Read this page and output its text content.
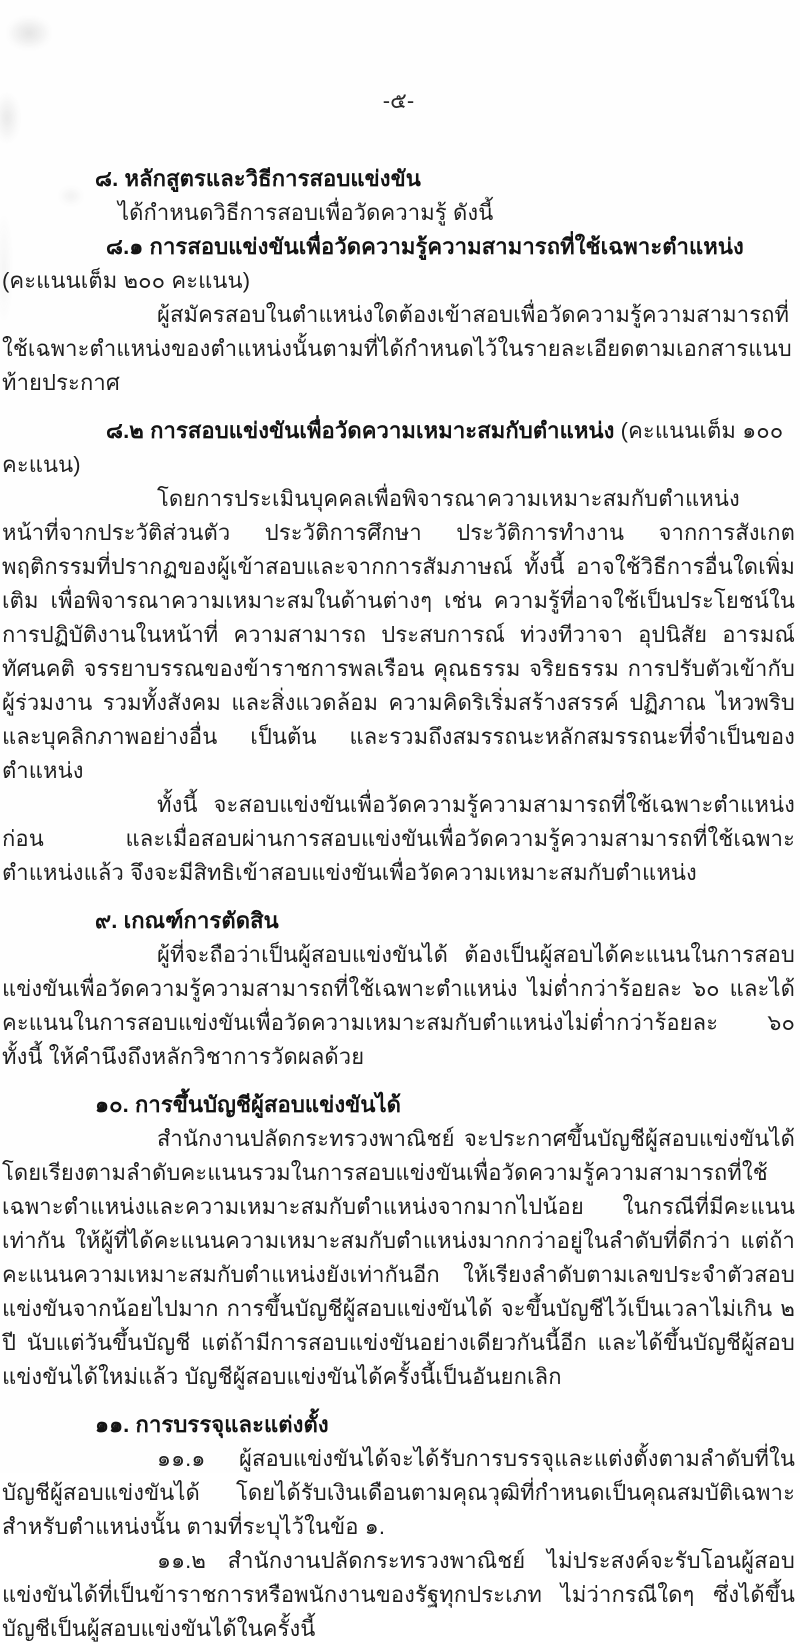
-๕-
๘. หลักสูตรและวิธีการสอบแข่งขัน
ได้กำหนดวิธีการสอบเพื่อวัดความรู้ ดังนี้

๘.๑ การสอบแข่งขันเพื่อวัดความรู้ความสามารถที่ใช้เฉพาะตำแหน่ง (คะแนนเต็ม ๒๐๐ คะแนน)

ผู้สมัครสอบในตำแหน่งใดต้องเข้าสอบเพื่อวัดความรู้ความสามารถที่ใช้เฉพาะตำแหน่งของตำแหน่งนั้นตามที่ได้กำหนดไว้ในรายละเอียดตามเอกสารแนบท้ายประกาศ

๘.๒ การสอบแข่งขันเพื่อวัดความเหมาะสมกับตำแหน่ง (คะแนนเต็ม ๑๐๐ คะแนน)

โดยการประเมินบุคคลเพื่อพิจารณาความเหมาะสมกับตำแหน่งหน้าที่จากประวัติส่วนตัว ประวัติการศึกษา ประวัติการทำงาน จากการสังเกตพฤติกรรมที่ปรากฏของผู้เข้าสอบและจากการสัมภาษณ์ ทั้งนี้ อาจใช้วิธีการอื่นใดเพิ่มเติม เพื่อพิจารณาความเหมาะสมในด้านต่างๆ เช่น ความรู้ที่อาจใช้เป็นประโยชน์ในการปฏิบัติงานในหน้าที่ ความสามารถ ประสบการณ์ ท่วงทีวาจา อุปนิสัย อารมณ์ ทัศนคติ จรรยาบรรณของข้าราชการพลเรือน คุณธรรม จริยธรรม การปรับตัวเข้ากับผู้ร่วมงาน รวมทั้งสังคม และสิ่งแวดล้อม ความคิดริเริ่มสร้างสรรค์ ปฏิภาณ ไหวพริบ และบุคลิกภาพอย่างอื่น เป็นต้น และรวมถึงสมรรถนะหลักสมรรถนะที่จำเป็นของตำแหน่ง

ทั้งนี้ จะสอบแข่งขันเพื่อวัดความรู้ความสามารถที่ใช้เฉพาะตำแหน่งก่อน และเมื่อสอบผ่านการสอบแข่งขันเพื่อวัดความรู้ความสามารถที่ใช้เฉพาะตำแหน่งแล้ว จึงจะมีสิทธิเข้าสอบแข่งขันเพื่อวัดความเหมาะสมกับตำแหน่ง

๙. เกณฑ์การตัดสิน

ผู้ที่จะถือว่าเป็นผู้สอบแข่งขันได้ ต้องเป็นผู้สอบได้คะแนนในการสอบแข่งขันเพื่อวัดความรู้ความสามารถที่ใช้เฉพาะตำแหน่ง ไม่ต่ำกว่าร้อยละ ๖๐ และได้คะแนนในการสอบแข่งขันเพื่อวัดความเหมาะสมกับตำแหน่งไม่ต่ำกว่าร้อยละ ๖๐ ทั้งนี้ ให้คำนึงถึงหลักวิชาการวัดผลด้วย

๑๐. การขึ้นบัญชีผู้สอบแข่งขันได้

สำนักงานปลัดกระทรวงพาณิชย์ จะประกาศขึ้นบัญชีผู้สอบแข่งขันได้ โดยเรียงตามลำดับคะแนนรวมในการสอบแข่งขันเพื่อวัดความรู้ความสามารถที่ใช้เฉพาะตำแหน่งและความเหมาะสมกับตำแหน่งจากมากไปน้อย ในกรณีที่มีคะแนนเท่ากัน ให้ผู้ที่ได้คะแนนความเหมาะสมกับตำแหน่งมากกว่าอยู่ในลำดับที่ดีกว่า แต่ถ้าคะแนนความเหมาะสมกับตำแหน่งยังเท่ากันอีก ให้เรียงลำดับตามเลขประจำตัวสอบแข่งขันจากน้อยไปมาก การขึ้นบัญชีผู้สอบแข่งขันได้ จะขึ้นบัญชีไว้เป็นเวลาไม่เกิน ๒ ปี นับแต่วันขึ้นบัญชี แต่ถ้ามีการสอบแข่งขันอย่างเดียวกันนี้อีก และได้ขึ้นบัญชีผู้สอบแข่งขันได้ใหม่แล้ว บัญชีผู้สอบแข่งขันได้ครั้งนี้เป็นอันยกเลิก

๑๑. การบรรจุและแต่งตั้ง

๑๑.๑ ผู้สอบแข่งขันได้จะได้รับการบรรจุและแต่งตั้งตามลำดับที่ในบัญชีผู้สอบแข่งขันได้ โดยได้รับเงินเดือนตามคุณวุฒิที่กำหนดเป็นคุณสมบัติเฉพาะสำหรับตำแหน่งนั้น ตามที่ระบุไว้ในข้อ ๑.

๑๑.๒ สำนักงานปลัดกระทรวงพาณิชย์ ไม่ประสงค์จะรับโอนผู้สอบแข่งขันได้ที่เป็นข้าราชการหรือพนักงานของรัฐทุกประเภท ไม่ว่ากรณีใดๆ ซึ่งได้ขึ้นบัญชีเป็นผู้สอบแข่งขันได้ในครั้งนี้
